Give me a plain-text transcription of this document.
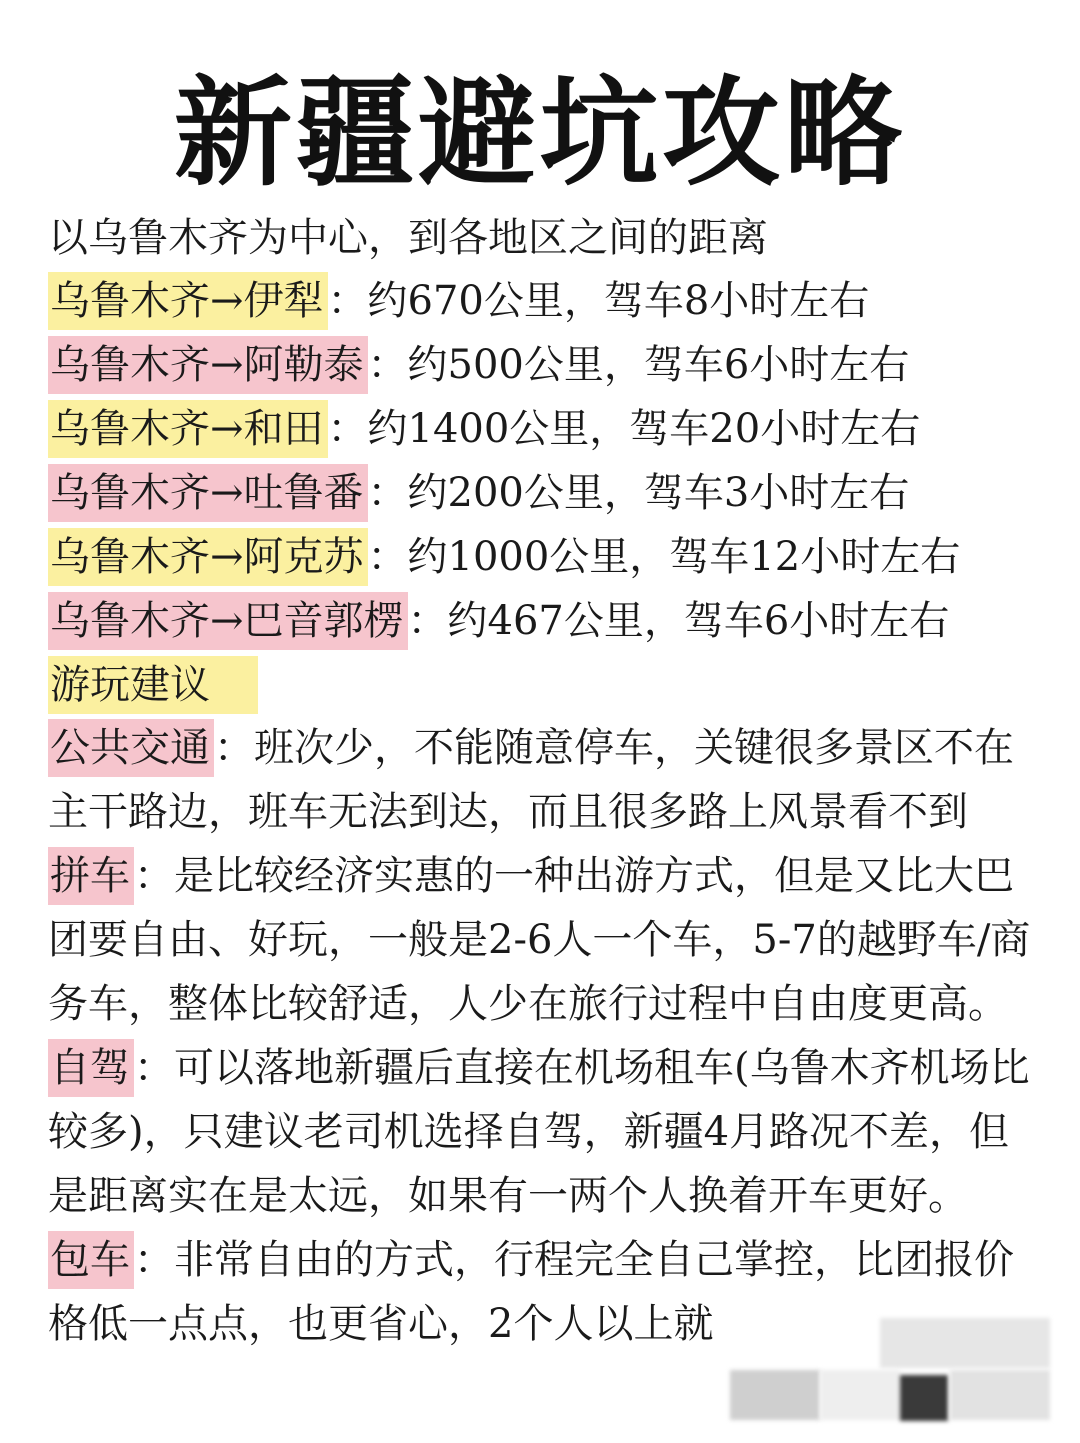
新疆避坑攻略
以乌鲁木齐为中心，到各地区之间的距离
乌鲁木齐→伊犁 ：约670公里，驾车8小时左右
乌鲁木齐→阿勒泰 ：约500公里，驾车6小时左右
乌鲁木齐→和田 ：约1400公里，驾车20小时左右
乌鲁木齐→吐鲁番 ：约200公里，驾车3小时左右
乌鲁木齐→阿克苏 ：约1000公里，驾车12小时左右
乌鲁木齐→巴音郭楞 ：约467公里，驾车6小时左右
游玩建议

公共交通 ：班次少，不能随意停车，关键很多景区不在主干路边，班车无法到达，而且很多路上风景看不到

拼车 ：是比较经济实惠的一种出游方式，但是又比大巴团要自由、好玩，一般是2-6人一个车，5-7的越野车/商务车，整体比较舒适，人少在旅行过程中自由度更高。

自驾 ：可以落地新疆后直接在机场租车(乌鲁木齐机场比较多)，只建议老司机选择自驾，新疆4月路况不差，但是距离实在是太远，如果有一两个人换着开车更好。

包车 ：非常自由的方式，行程完全自己掌控，比团报价格低一点点，也更省心，2个人以上就
